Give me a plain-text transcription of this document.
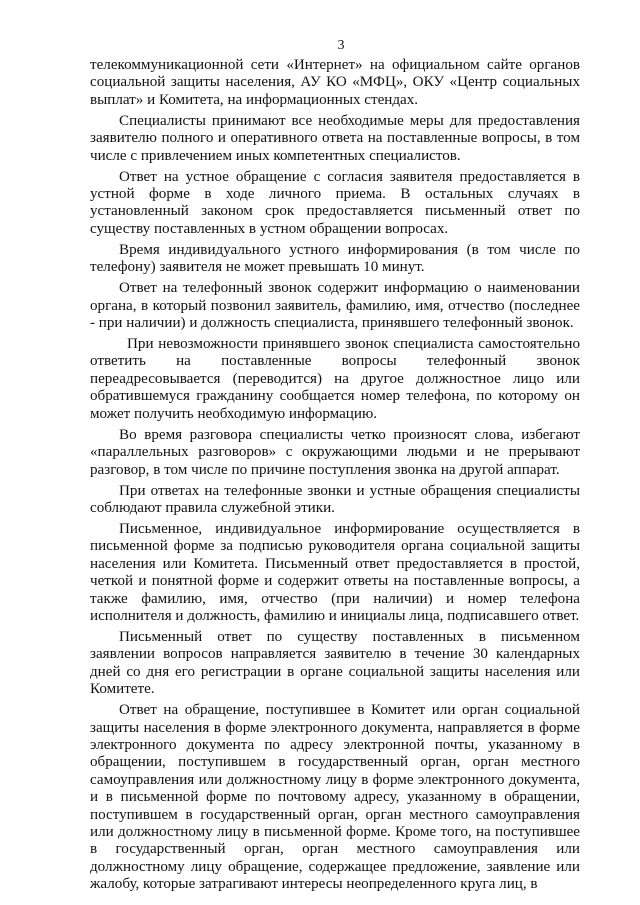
3

телекоммуникационной сети «Интернет» на официальном сайте органов социальной защиты населения, АУ КО «МФЦ», ОКУ «Центр социальных выплат» и Комитета, на информационных стендах.

Специалисты принимают все необходимые меры для предоставления заявителю полного и оперативного ответа на поставленные вопросы, в том числе с привлечением иных компетентных специалистов.

Ответ на устное обращение с согласия заявителя предоставляется в устной форме в ходе личного приема. В остальных случаях в установленный законом срок предоставляется письменный ответ по существу поставленных в устном обращении вопросах.

Время индивидуального устного информирования (в том числе по телефону) заявителя не может превышать 10 минут.

Ответ на телефонный звонок содержит информацию о наименовании органа, в который позвонил заявитель, фамилию, имя, отчество (последнее - при наличии) и должность специалиста, принявшего телефонный звонок.

При невозможности принявшего звонок специалиста самостоятельно ответить на поставленные вопросы телефонный звонок переадресовывается (переводится) на другое должностное лицо или обратившемуся гражданину сообщается номер телефона, по которому он может получить необходимую информацию.

Во время разговора специалисты четко произносят слова, избегают «параллельных разговоров» с окружающими людьми и не прерывают разговор, в том числе по причине поступления звонка на другой аппарат.

При ответах на телефонные звонки и устные обращения специалисты соблюдают правила служебной этики.

Письменное, индивидуальное информирование осуществляется в письменной форме за подписью руководителя органа социальной защиты населения или Комитета. Письменный ответ предоставляется в простой, четкой и понятной форме и содержит ответы на поставленные вопросы, а также фамилию, имя, отчество (при наличии) и номер телефона исполнителя и должность, фамилию и инициалы лица, подписавшего ответ.

Письменный ответ по существу поставленных в письменном заявлении вопросов направляется заявителю в течение 30 календарных дней со дня его регистрации в органе социальной защиты населения или Комитете.

Ответ на обращение, поступившее в Комитет или орган социальной защиты населения в форме электронного документа, направляется в форме электронного документа по адресу электронной почты, указанному в обращении, поступившем в государственный орган, орган местного самоуправления или должностному лицу в форме электронного документа, и в письменной форме по почтовому адресу, указанному в обращении, поступившем в государственный орган, орган местного самоуправления или должностному лицу в письменной форме. Кроме того, на поступившее в государственный орган, орган местного самоуправления или должностному лицу обращение, содержащее предложение, заявление или жалобу, которые затрагивают интересы неопределенного круга лиц, в
